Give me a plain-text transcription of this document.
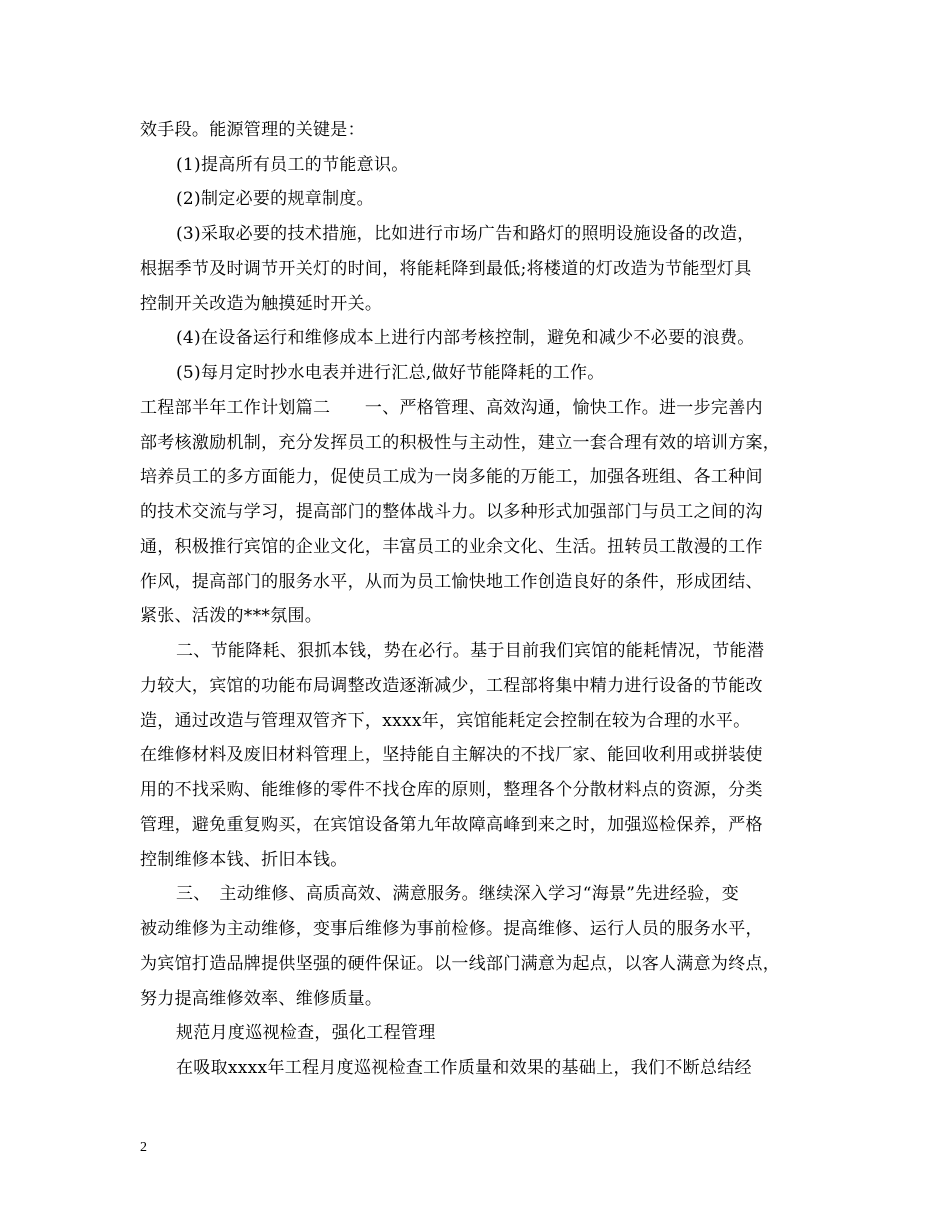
效手段。能源管理的关键是：
(1)提高所有员工的节能意识。
(2)制定必要的规章制度。
(3)采取必要的技术措施，比如进行市场广告和路灯的照明设施设备的改造，
根据季节及时调节开关灯的时间，将能耗降到最低;将楼道的灯改造为节能型灯具
控制开关改造为触摸延时开关。
(4)在设备运行和维修成本上进行内部考核控制，避免和减少不必要的浪费。
(5)每月定时抄水电表并进行汇总,做好节能降耗的工作。
工程部半年工作计划篇二　　一、严格管理、高效沟通，愉快工作。进一步完善内
部考核激励机制，充分发挥员工的积极性与主动性，建立一套合理有效的培训方案，
培养员工的多方面能力，促使员工成为一岗多能的万能工，加强各班组、各工种间
的技术交流与学习，提高部门的整体战斗力。以多种形式加强部门与员工之间的沟
通，积极推行宾馆的企业文化，丰富员工的业余文化、生活。扭转员工散漫的工作
作风，提高部门的服务水平，从而为员工愉快地工作创造良好的条件，形成团结、
紧张、活泼的***氛围。
二、节能降耗、狠抓本钱，势在必行。基于目前我们宾馆的能耗情况，节能潜
力较大，宾馆的功能布局调整改造逐渐减少，工程部将集中精力进行设备的节能改
造，通过改造与管理双管齐下，xxxx年，宾馆能耗定会控制在较为合理的水平。
在维修材料及废旧材料管理上，坚持能自主解决的不找厂家、能回收利用或拼装使
用的不找采购、能维修的零件不找仓库的原则，整理各个分散材料点的资源，分类
管理，避免重复购买，在宾馆设备第九年故障高峰到来之时，加强巡检保养，严格
控制维修本钱、折旧本钱。
三、　主动维修、高质高效、满意服务。继续深入学习“海景”先进经验，变
被动维修为主动维修，变事后维修为事前检修。提高维修、运行人员的服务水平，
为宾馆打造品牌提供坚强的硬件保证。以一线部门满意为起点，以客人满意为终点，
努力提高维修效率、维修质量。
规范月度巡视检查，强化工程管理
在吸取xxxx年工程月度巡视检查工作质量和效果的基础上，我们不断总结经
2
